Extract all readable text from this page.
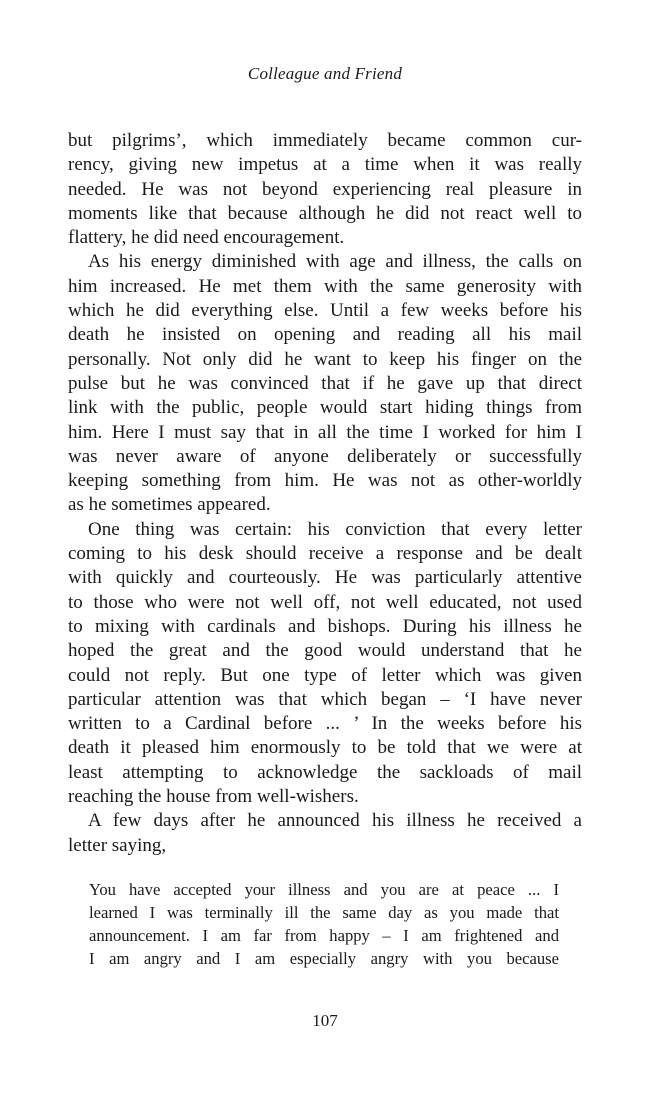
Colleague and Friend

but pilgrims’, which immediately became common cur-
rency, giving new impetus at a time when it was really
needed. He was not beyond experiencing real pleasure in
moments like that because although he did not react well to
flattery, he did need encouragement.

As his energy diminished with age and illness, the calls on
him increased. He met them with the same generosity with
which he did everything else. Until a few weeks before his
death he insisted on opening and reading all his mail
personally. Not only did he want to keep his finger on the
pulse but he was convinced that if he gave up that direct
link with the public, people would start hiding things from
him. Here I must say that in all the time I worked for him I
was never aware of anyone deliberately or successfully
keeping something from him. He was not as other-worldly
as he sometimes appeared.

One thing was certain: his conviction that every letter
coming to his desk should receive a response and be dealt
with quickly and courteously. He was particularly attentive
to those who were not well off, not well educated, not used
to mixing with cardinals and bishops. During his illness he
hoped the great and the good would understand that he
could not reply. But one type of letter which was given
particular attention was that which began – ‘I have never
written to a Cardinal before ... ’ In the weeks before his
death it pleased him enormously to be told that we were at
least attempting to acknowledge the sackloads of mail
reaching the house from well-wishers.

A few days after he announced his illness he received a
letter saying,

You have accepted your illness and you are at peace ... I
learned I was terminally ill the same day as you made that
announcement. I am far from happy – I am frightened and
I am angry and I am especially angry with you because
107
